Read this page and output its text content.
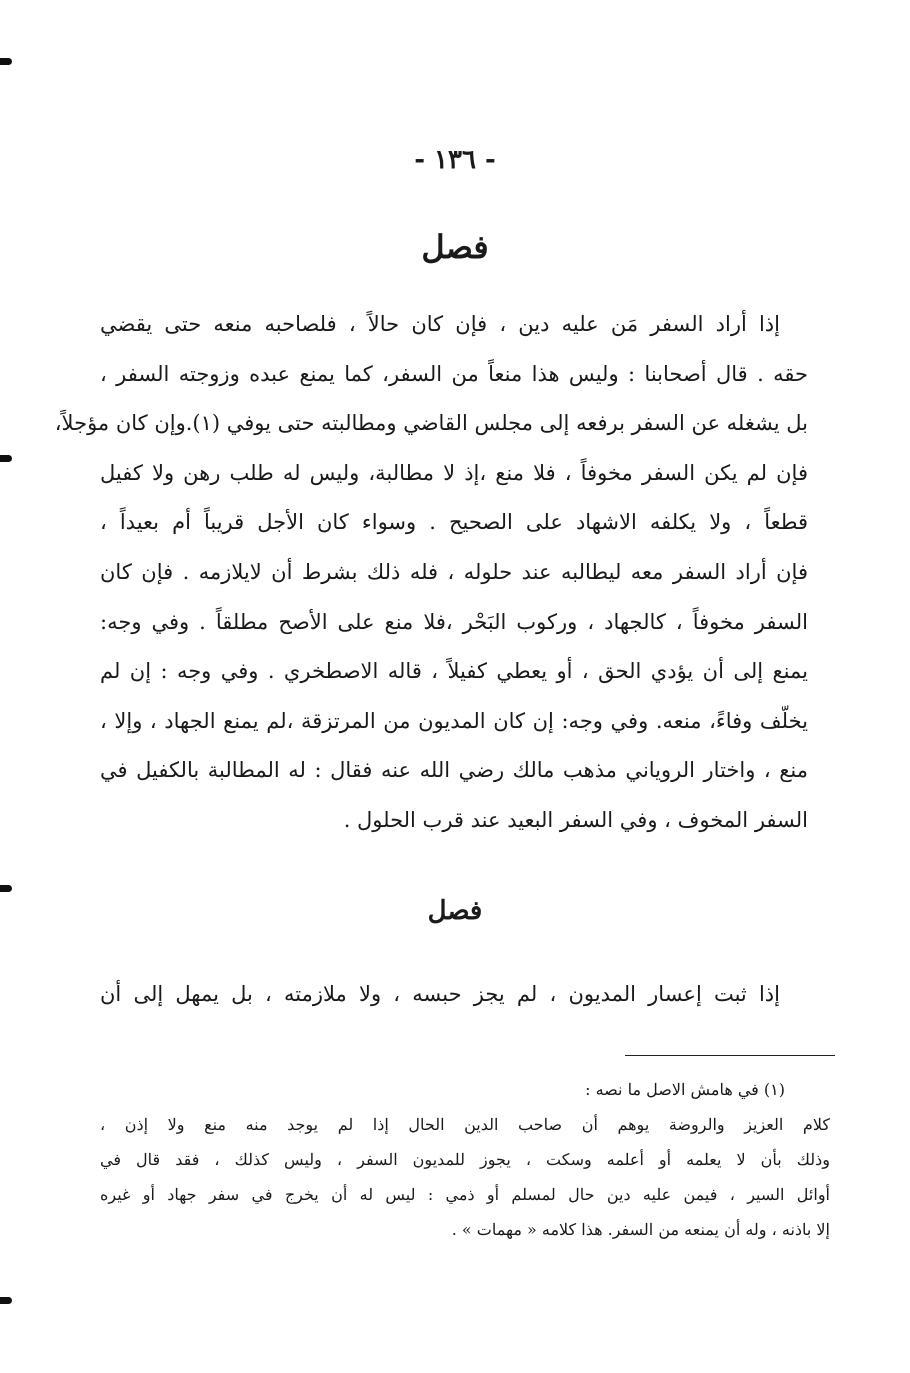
- ١٣٦ -
فصل
إذا أراد السفر مَن عليه دين ، فإن كان حالاً ، فلصاحبه منعه حتى يقضي
حقه . قال أصحابنا : وليس هذا منعاً من السفر، كما يمنع عبده وزوجته السفر ،
بل يشغله عن السفر برفعه إلى مجلس القاضي ومطالبته حتى يوفي (١).وإن كان مؤجلاً،
فإن لم يكن السفر مخوفاً ، فلا منع ،إذ لا مطالبة، وليس له طلب رهن ولا كفيل
قطعاً ، ولا يكلفه الاشهاد على الصحيح . وسواء كان الأجل قريباً أم بعيداً ،
فإن أراد السفر معه ليطالبه عند حلوله ، فله ذلك بشرط أن لايلازمه . فإن كان
السفر مخوفاً ، كالجهاد ، وركوب البَحْر ،فلا منع على الأصح مطلقاً . وفي وجه:
يمنع إلى أن يؤدي الحق ، أو يعطي كفيلاً ، قاله الاصطخري . وفي وجه : إن لم
يخلّف وفاءً، منعه. وفي وجه: إن كان المديون من المرتزقة ،لم يمنع الجهاد ، وإلا ،
منع ، واختار الروياني مذهب مالك رضي الله عنه فقال : له المطالبة بالكفيل في
السفر المخوف ، وفي السفر البعيد عند قرب الحلول .
فصل
إذا ثبت إعسار المديون ، لم يجز حبسه ، ولا ملازمته ، بل يمهل إلى أن
(١) في هامش الاصل ما نصه :
كلام العزيز والروضة يوهم أن صاحب الدين الحال إذا لم يوجد منه منع ولا إذن ،
وذلك بأن لا يعلمه أو أعلمه وسكت ، يجوز للمديون السفر ، وليس كذلك ، فقد قال في
أوائل السير ، فيمن عليه دين حال لمسلم أو ذمي : ليس له أن يخرج في سفر جهاد أو غيره
إلا باذنه ، وله أن يمنعه من السفر. هذا كلامه « مهمات » .
